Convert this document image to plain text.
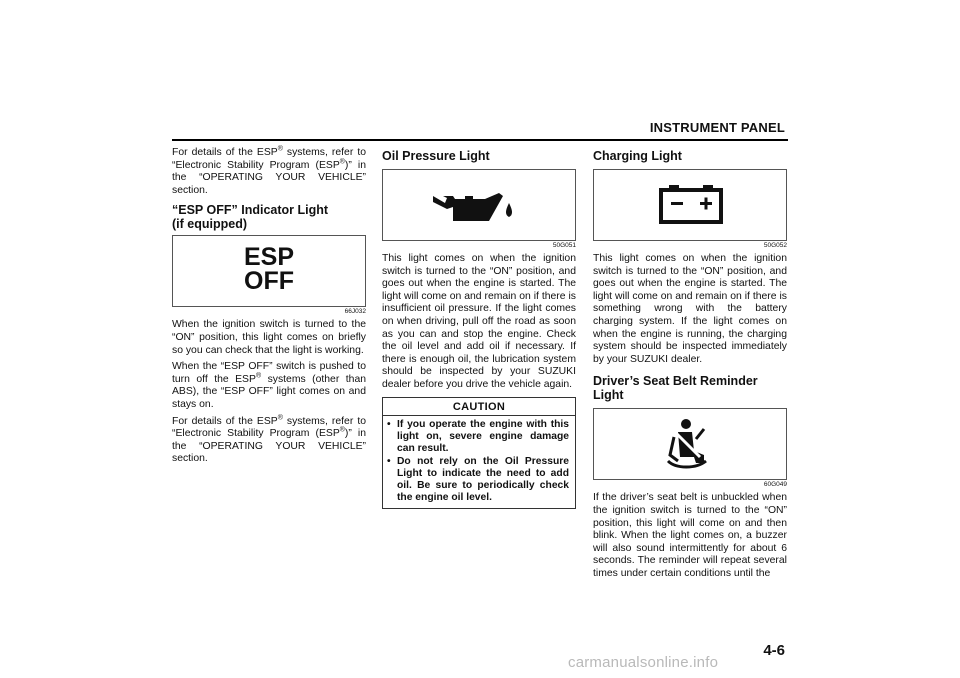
INSTRUMENT PANEL

For details of the ESP® systems, refer to “Electronic Stability Program (ESP®)” in the “OPERATING YOUR VEHICLE” section.

“ESP OFF” Indicator Light
(if equipped)
ESP
OFF
66J032

When the ignition switch is turned to the “ON” position, this light comes on briefly so you can check that the light is working.

When the “ESP OFF” switch is pushed to turn off the ESP® systems (other than ABS), the “ESP OFF” light comes on and stays on.

For details of the ESP® systems, refer to “Electronic Stability Program (ESP®)” in the “OPERATING YOUR VEHICLE” section.

Oil Pressure Light
50G051

This light comes on when the ignition switch is turned to the “ON” position, and goes out when the engine is started. The light will come on and remain on if there is insufficient oil pressure. If the light comes on when driving, pull off the road as soon as you can and stop the engine. Check the oil level and add oil if necessary. If there is enough oil, the lubrication system should be inspected by your SUZUKI dealer before you drive the vehicle again.

CAUTION
• If you operate the engine with this light on, severe engine damage can result.
• Do not rely on the Oil Pressure Light to indicate the need to add oil. Be sure to periodically check the engine oil level.
Charging Light
50G052

This light comes on when the ignition switch is turned to the “ON” position, and goes out when the engine is started. The light will come on and remain on if there is something wrong with the battery charging system. If the light comes on when the engine is running, the charging system should be inspected immediately by your SUZUKI dealer.

Driver’s Seat Belt Reminder Light
60G049

If the driver’s seat belt is unbuckled when the ignition switch is turned to the “ON” position, this light will come on and then blink. When the light comes on, a buzzer will also sound intermittently for about 6 seconds. The reminder will repeat several times under certain conditions until the

4-6
carmanualsonline.info
